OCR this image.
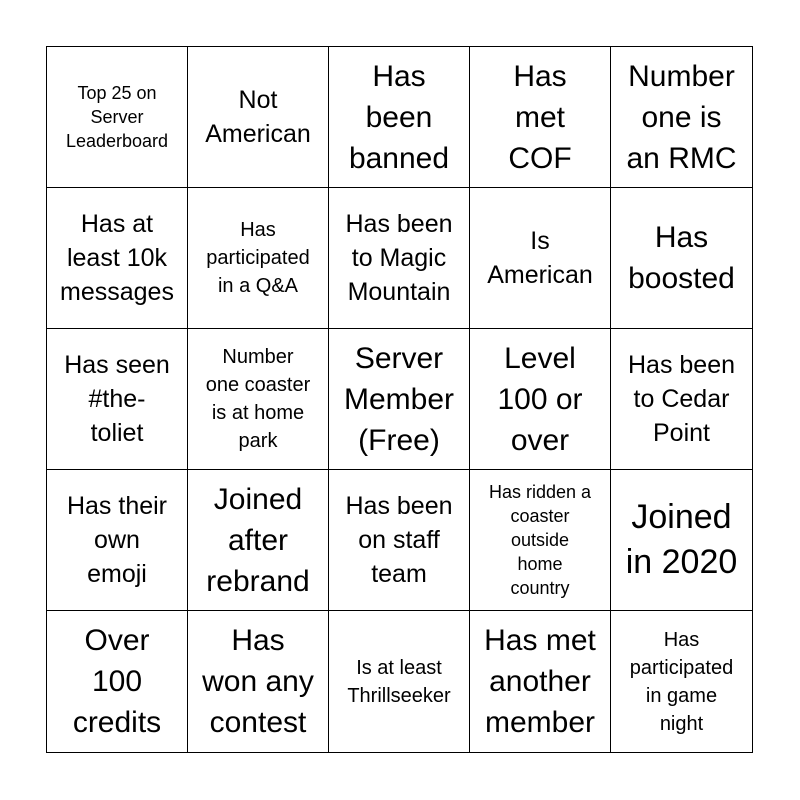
Top 25 on
Server
Leaderboard
Not
American
Has
been
banned
Has
met
COF
Number
one is
an RMC
Has at
least 10k
messages
Has
participated
in a Q&A
Has been
to Magic
Mountain
Is
American
Has
boosted
Has seen
#the-
toliet
Number
one coaster
is at home
park
Server
Member
(Free)
Level
100 or
over
Has been
to Cedar
Point
Has their
own
emoji
Joined
after
rebrand
Has been
on staff
team
Has ridden a
coaster
outside
home
country
Joined
in 2020
Over
100
credits
Has
won any
contest
Is at least
Thrillseeker
Has met
another
member
Has
participated
in game
night
